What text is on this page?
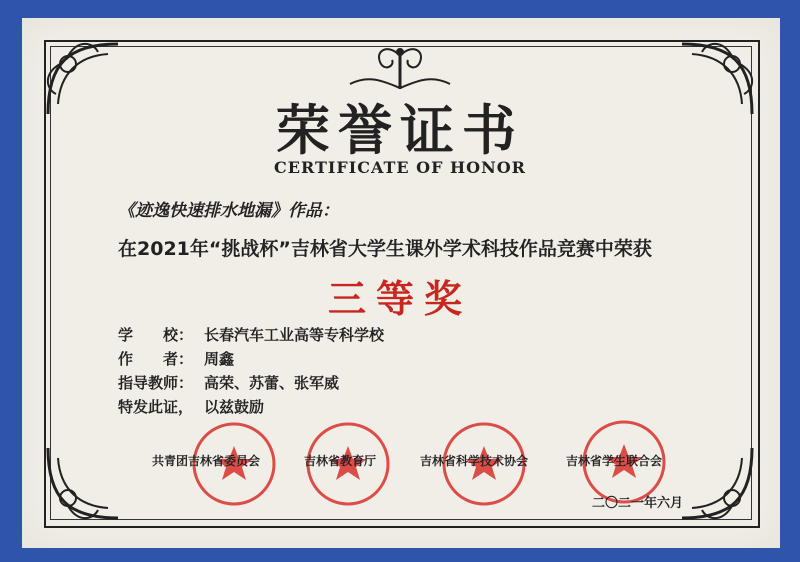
荣誉证书
CERTIFICATE OF HONOR
《迹逸快速排水地漏》作品：
在2021年“挑战杯”吉林省大学生课外学术科技作品竞赛中荣获
三等奖
学　　校： 长春汽车工业高等专科学校
作　　者： 周鑫
指导教师： 高荣、苏蕾、张军威
特发此证， 以兹鼓励
共青团吉林省委员会	吉林省教育厅	吉林省科学技术协会	吉林省学生联合会
二〇二一年六月
